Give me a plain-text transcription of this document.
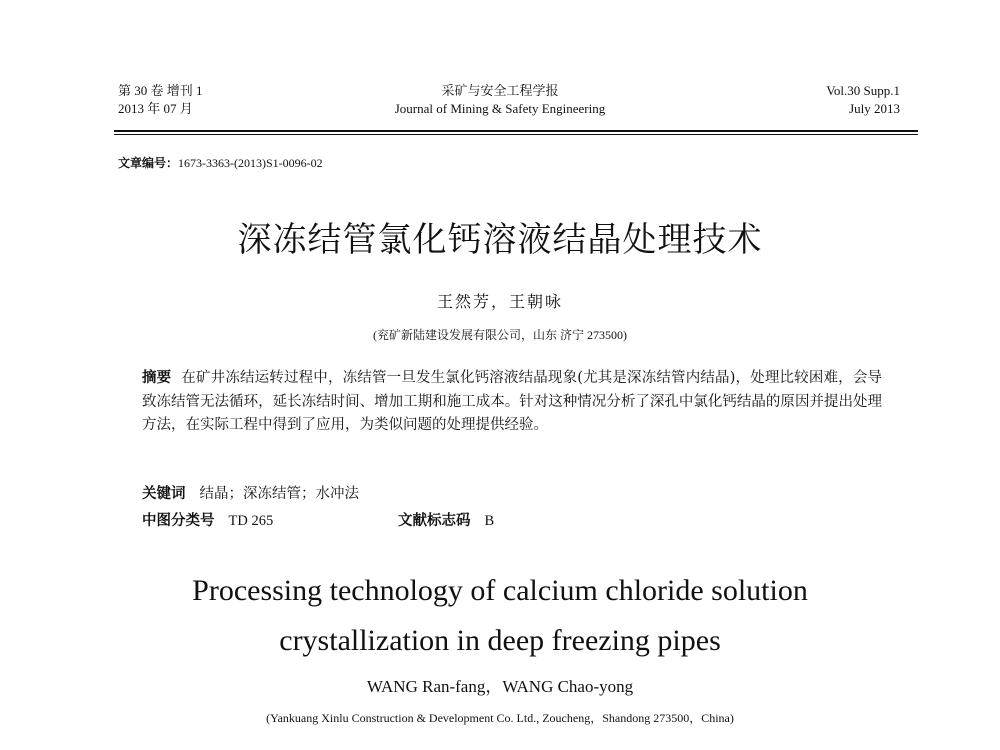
第 30 卷 增刊 1
2013 年 07 月
采矿与安全工程学报
Journal of Mining & Safety Engineering
Vol.30 Supp.1
July 2013
文章编号：1673-3363-(2013)S1-0096-02
深冻结管氯化钙溶液结晶处理技术
王然芳，王朝咏
(兖矿新陆建设发展有限公司，山东 济宁 273500)
摘要 在矿井冻结运转过程中，冻结管一旦发生氯化钙溶液结晶现象(尤其是深冻结管内结晶)，处理比较困难，会导致冻结管无法循环，延长冻结时间、增加工期和施工成本。针对这种情况分析了深孔中氯化钙结晶的原因并提出处理方法，在实际工程中得到了应用，为类似问题的处理提供经验。
关键词 结晶；深冻结管；水冲法
中图分类号 TD 265	文献标志码 B
Processing technology of calcium chloride solution
crystallization in deep freezing pipes
WANG Ran-fang，WANG Chao-yong
(Yankuang Xinlu Construction & Development Co. Ltd., Zoucheng，Shandong 273500，China)
